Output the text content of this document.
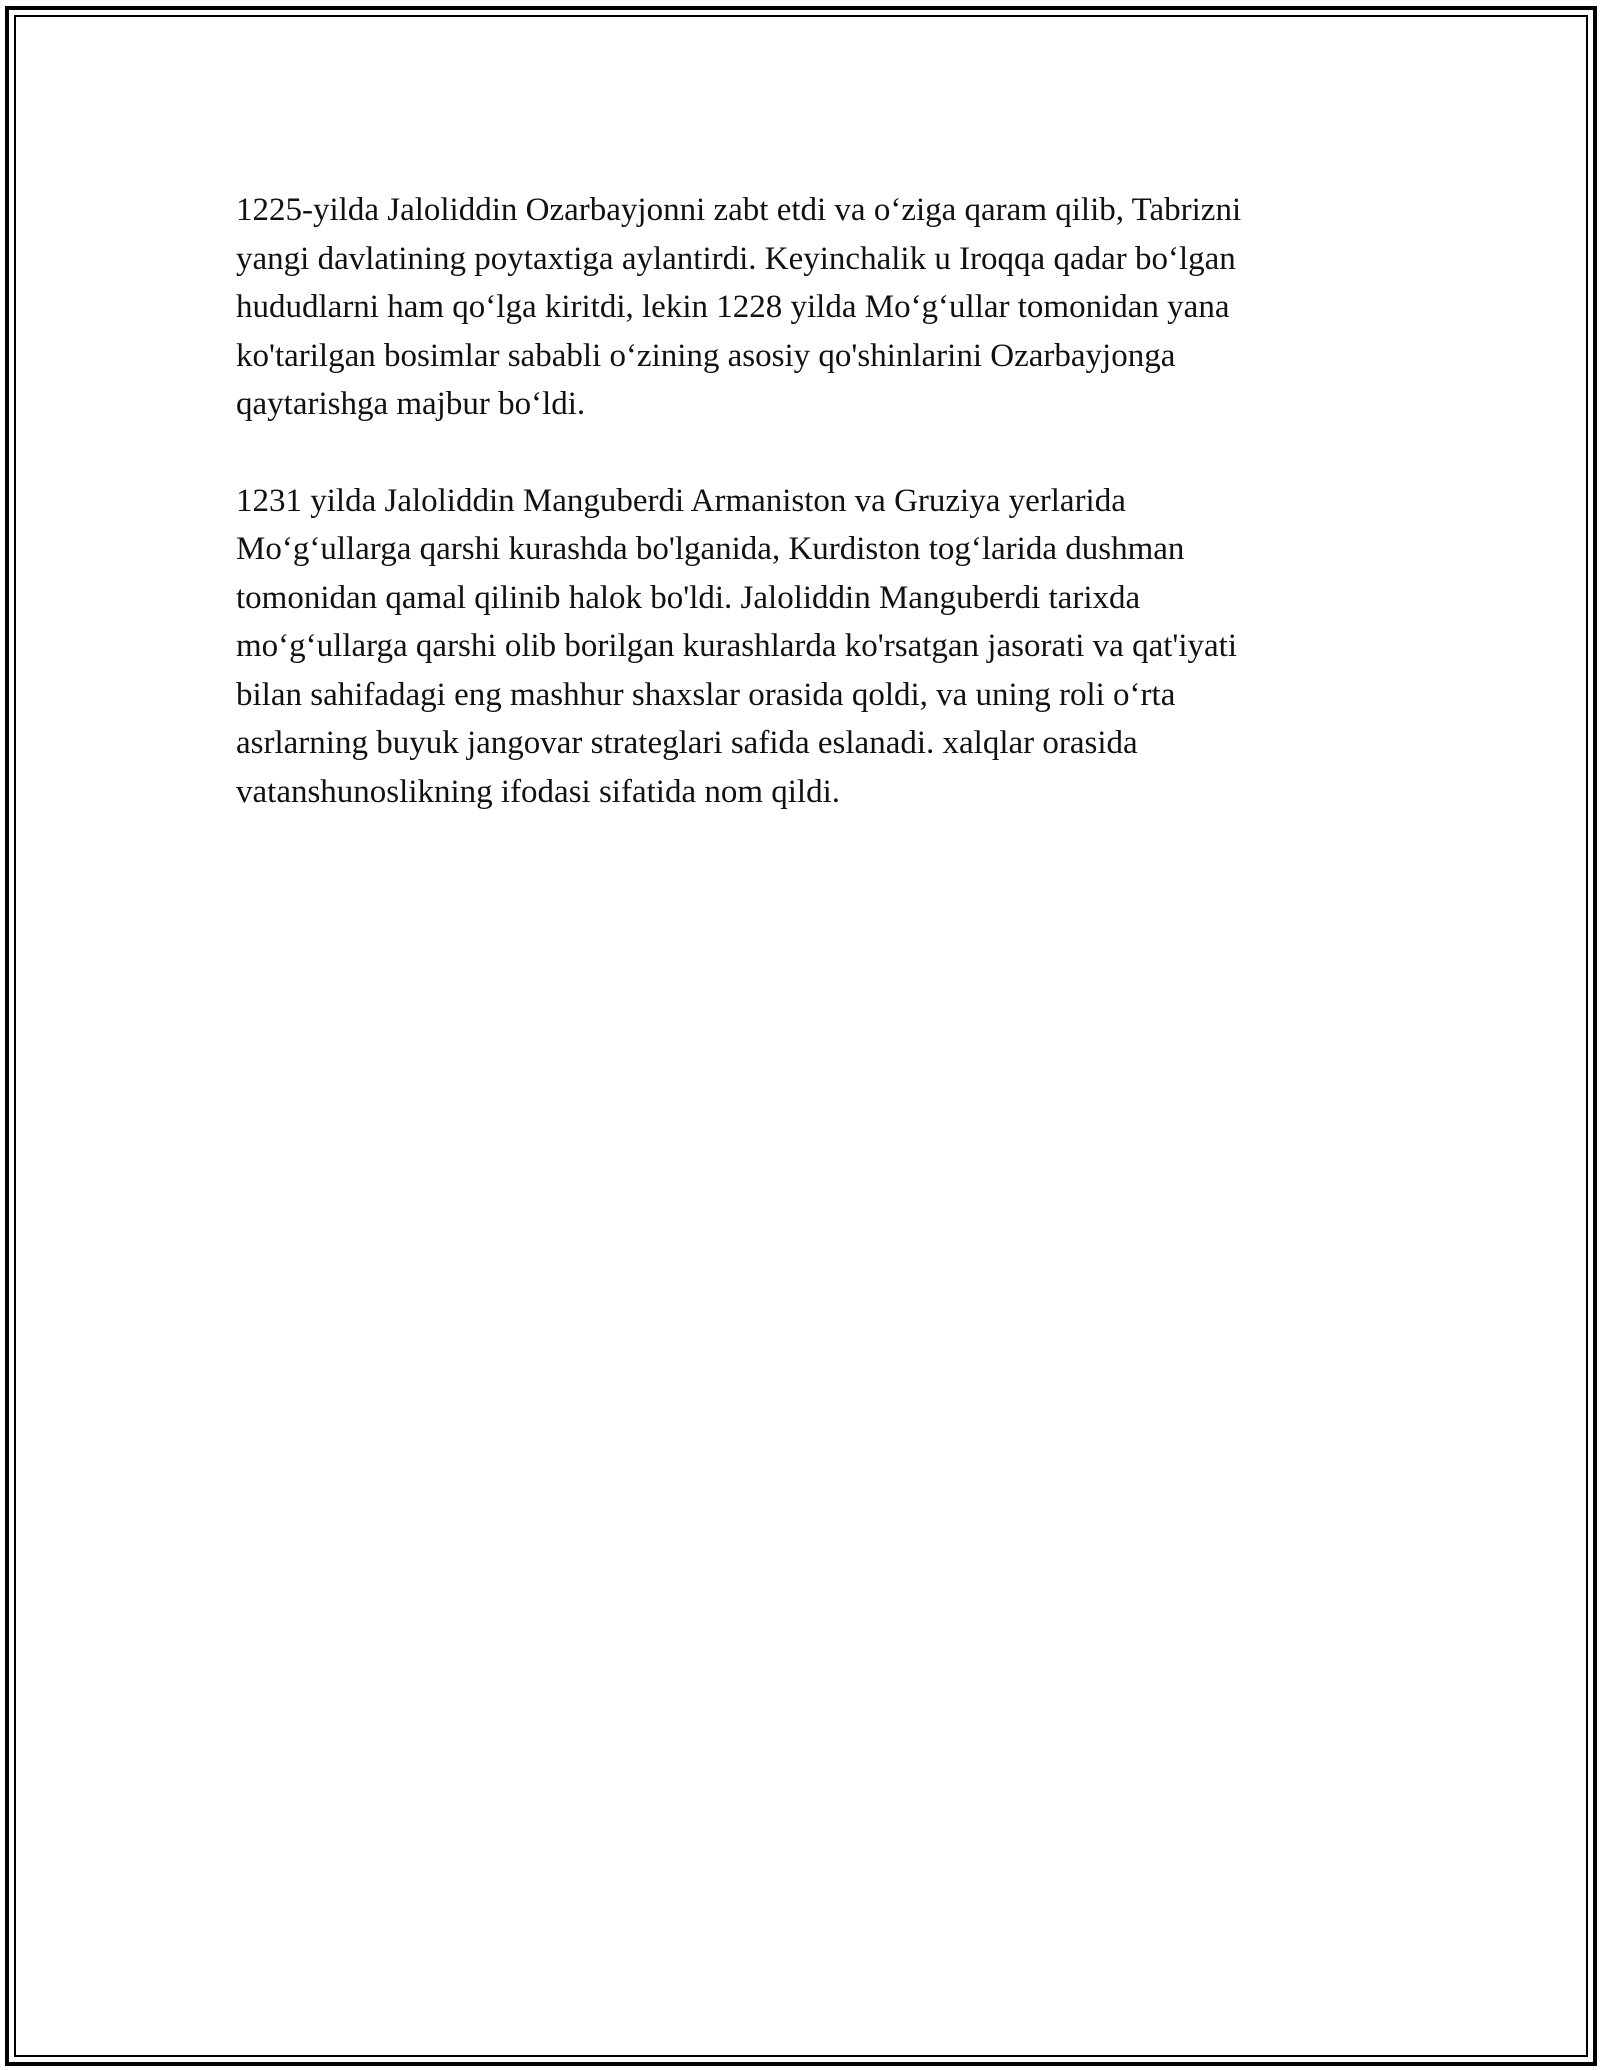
1225-yilda Jaloliddin Ozarbayjonni zabt etdi va o‘ziga qaram qilib, Tabrizni
yangi davlatining poytaxtiga aylantirdi. Keyinchalik u Iroqqa qadar bo‘lgan
hududlarni ham qo‘lga kiritdi, lekin 1228 yilda Mo‘g‘ullar tomonidan yana
ko'tarilgan bosimlar sababli o‘zining asosiy qo'shinlarini Ozarbayjonga
qaytarishga majbur bo‘ldi.

1231 yilda Jaloliddin Manguberdi Armaniston va Gruziya yerlarida
Mo‘g‘ullarga qarshi kurashda bo'lganida, Kurdiston tog‘larida dushman
tomonidan qamal qilinib halok bo'ldi. Jaloliddin Manguberdi tarixda
mo‘g‘ullarga qarshi olib borilgan kurashlarda ko'rsatgan jasorati va qat'iyati
bilan sahifadagi eng mashhur shaxslar orasida qoldi, va uning roli o‘rta
asrlarning buyuk jangovar strateglari safida eslanadi. xalqlar orasida
vatanshunoslikning ifodasi sifatida nom qildi.
